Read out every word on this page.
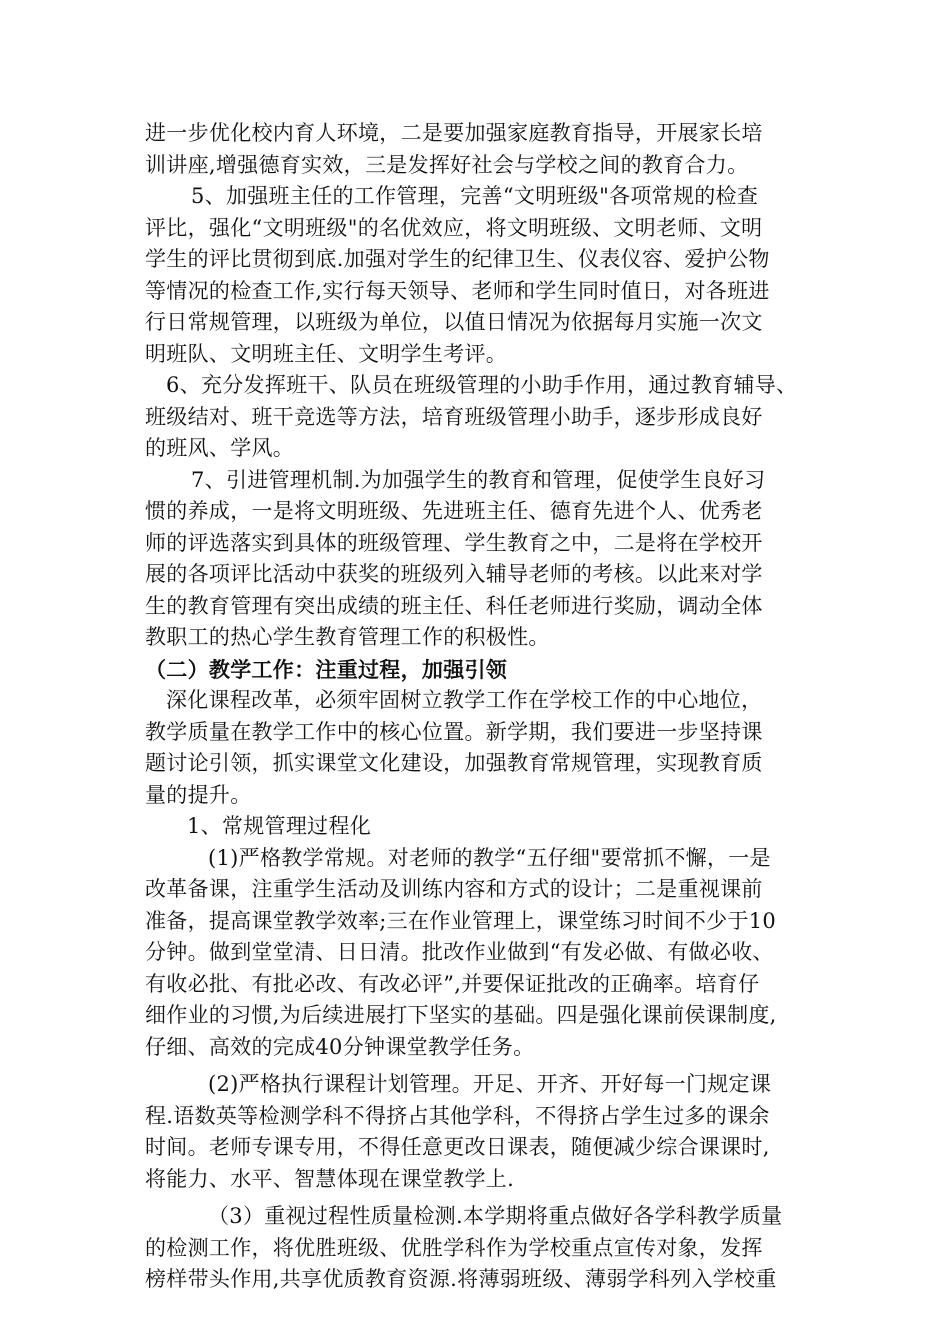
进一步优化校内育人环境，二是要加强家庭教育指导，开展家长培
训讲座,增强德育实效，三是发挥好社会与学校之间的教育合力。
5、加强班主任的工作管理，完善“文明班级"各项常规的检查
评比，强化“文明班级"的名优效应，将文明班级、文明老师、文明
学生的评比贯彻到底.加强对学生的纪律卫生、仪表仪容、爱护公物
等情况的检查工作,实行每天领导、老师和学生同时值日，对各班进
行日常规管理，以班级为单位，以值日情况为依据每月实施一次文
明班队、文明班主任、文明学生考评。
6、充分发挥班干、队员在班级管理的小助手作用，通过教育辅导、
班级结对、班干竞选等方法，培育班级管理小助手，逐步形成良好
的班风、学风。
7、引进管理机制.为加强学生的教育和管理，促使学生良好习
惯的养成，一是将文明班级、先进班主任、德育先进个人、优秀老
师的评选落实到具体的班级管理、学生教育之中，二是将在学校开
展的各项评比活动中获奖的班级列入辅导老师的考核。以此来对学
生的教育管理有突出成绩的班主任、科任老师进行奖励，调动全体
教职工的热心学生教育管理工作的积极性。
（二）教学工作：注重过程，加强引领
深化课程改革，必须牢固树立教学工作在学校工作的中心地位，
教学质量在教学工作中的核心位置。新学期，我们要进一步坚持课
题讨论引领，抓实课堂文化建设，加强教育常规管理，实现教育质
量的提升。
1、常规管理过程化
(1)严格教学常规。对老师的教学“五仔细"要常抓不懈，一是
改革备课，注重学生活动及训练内容和方式的设计；二是重视课前
准备，提高课堂教学效率;三在作业管理上，课堂练习时间不少于10
分钟。做到堂堂清、日日清。批改作业做到“有发必做、有做必收、
有收必批、有批必改、有改必评”,并要保证批改的正确率。培育仔
细作业的习惯,为后续进展打下坚实的基础。四是强化课前侯课制度,
仔细、高效的完成40分钟课堂教学任务。
(2)严格执行课程计划管理。开足、开齐、开好每一门规定课
程.语数英等检测学科不得挤占其他学科，不得挤占学生过多的课余
时间。老师专课专用，不得任意更改日课表，随便减少综合课课时,
将能力、水平、智慧体现在课堂教学上.
（3）重视过程性质量检测.本学期将重点做好各学科教学质量
的检测工作，将优胜班级、优胜学科作为学校重点宣传对象，发挥
榜样带头作用,共享优质教育资源.将薄弱班级、薄弱学科列入学校重
